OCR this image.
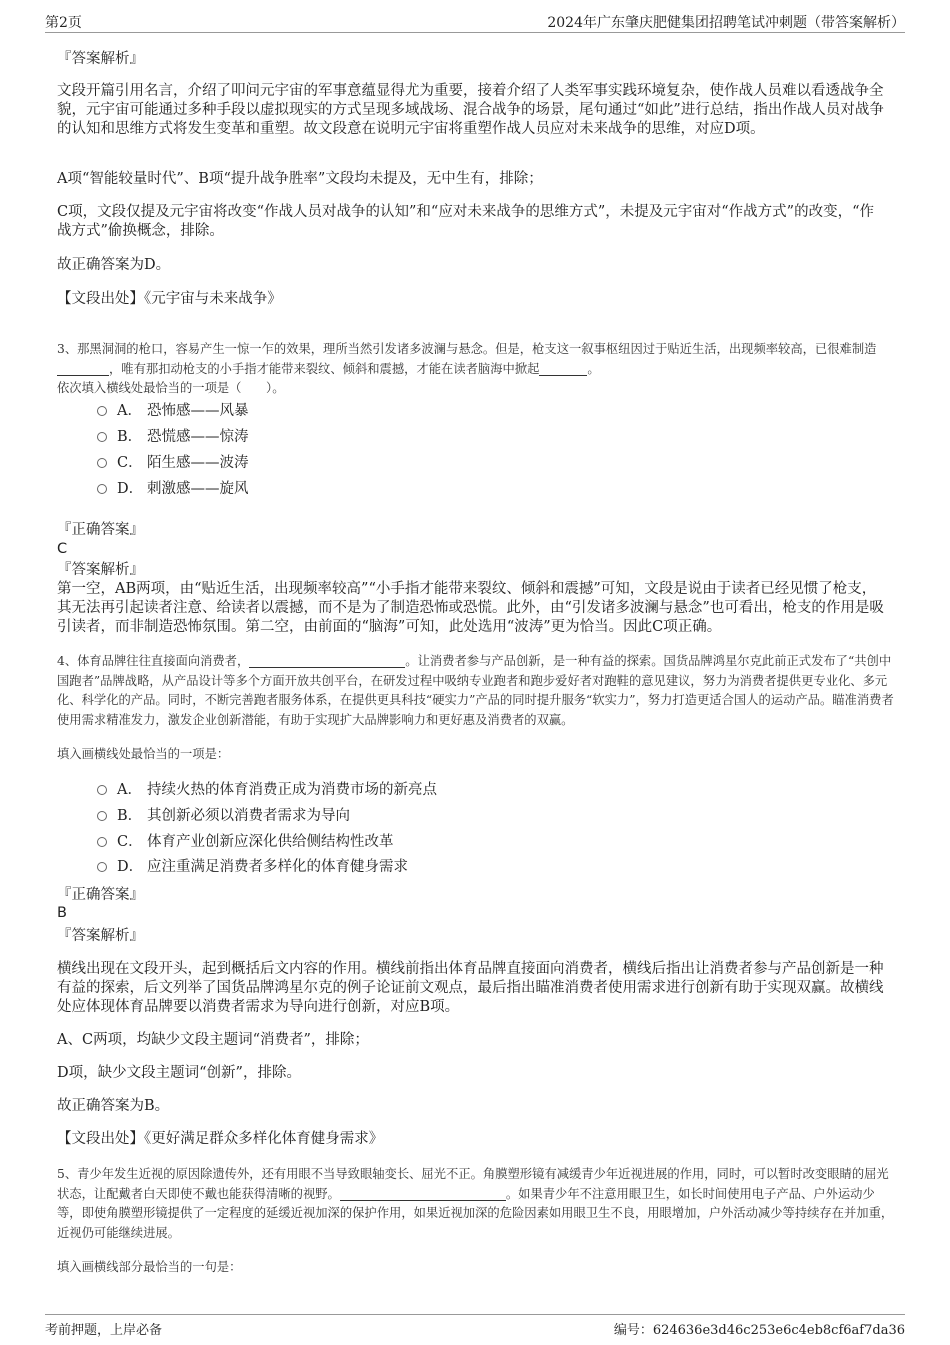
第2页	2024年广东肇庆肥健集团招聘笔试冲刺题（带答案解析）
『答案解析』
文段开篇引用名言，介绍了叩问元宇宙的军事意蕴显得尤为重要，接着介绍了人类军事实践环境复杂，使作战人员难以看透战争全貌，元宇宙可能通过多种手段以虚拟现实的方式呈现多域战场、混合战争的场景，尾句通过“如此”进行总结，指出作战人员对战争的认知和思维方式将发生变革和重塑。故文段意在说明元宇宙将重塑作战人员应对未来战争的思维，对应D项。
A项“智能较量时代”、B项“提升战争胜率”文段均未提及，无中生有，排除；
C项，文段仅提及元宇宙将改变“作战人员对战争的认知”和“应对未来战争的思维方式”，未提及元宇宙对“作战方式”的改变，“作战方式”偷换概念，排除。
故正确答案为D。
【文段出处】《元宇宙与未来战争》
3、那黑洞洞的枪口，容易产生一惊一乍的效果，理所当然引发诸多波澜与悬念。但是，枪支这一叙事枢纽因过于贴近生活，出现频率较高，已很难制造，唯有那扣动枪支的小手指才能带来裂纹、倾斜和震撼，才能在读者脑海中掀起	。
依次填入横线处最恰当的一项是（　　）。
A． 恐怖感——风暴
B． 恐慌感——惊涛
C． 陌生感——波涛
D． 刺激感——旋风
『正确答案』
C
『答案解析』
第一空，AB两项，由“贴近生活，出现频率较高”“小手指才能带来裂纹、倾斜和震撼”可知，文段是说由于读者已经见惯了枪支，其无法再引起读者注意、给读者以震撼，而不是为了制造恐怖或恐慌。此外，由“引发诸多波澜与悬念”也可看出，枪支的作用是吸引读者，而非制造恐怖氛围。第二空，由前面的“脑海”可知，此处选用“波涛”更为恰当。因此C项正确。
4、体育品牌往往直接面向消费者，	。让消费者参与产品创新，是一种有益的探索。国货品牌鸿星尔克此前正式发布了“共创中国跑者”品牌战略，从产品设计等多个方面开放共创平台，在研发过程中吸纳专业跑者和跑步爱好者对跑鞋的意见建议，努力为消费者提供更专业化、多元化、科学化的产品。同时，不断完善跑者服务体系，在提供更具科技“硬实力”产品的同时提升服务“软实力”，努力打造更适合国人的运动产品。瞄准消费者使用需求精准发力，激发企业创新潜能，有助于实现扩大品牌影响力和更好惠及消费者的双赢。
填入画横线处最恰当的一项是：
A． 持续火热的体育消费正成为消费市场的新亮点
B． 其创新必须以消费者需求为导向
C． 体育产业创新应深化供给侧结构性改革
D． 应注重满足消费者多样化的体育健身需求
『正确答案』
B
『答案解析』
横线出现在文段开头，起到概括后文内容的作用。横线前指出体育品牌直接面向消费者，横线后指出让消费者参与产品创新是一种有益的探索，后文列举了国货品牌鸿星尔克的例子论证前文观点，最后指出瞄准消费者使用需求进行创新有助于实现双赢。故横线处应体现体育品牌要以消费者需求为导向进行创新，对应B项。
A、C两项，均缺少文段主题词“消费者”，排除；
D项，缺少文段主题词“创新”，排除。
故正确答案为B。
【文段出处】《更好满足群众多样化体育健身需求》
5、青少年发生近视的原因除遗传外，还有用眼不当导致眼轴变长、屈光不正。角膜塑形镜有减缓青少年近视进展的作用，同时，可以暂时改变眼睛的屈光状态，让配戴者白天即使不戴也能获得清晰的视野。	。如果青少年不注意用眼卫生，如长时间使用电子产品、户外运动少等，即使角膜塑形镜提供了一定程度的延缓近视加深的保护作用，如果近视加深的危险因素如用眼卫生不良，用眼增加，户外活动减少等持续存在并加重，近视仍可能继续进展。
填入画横线部分最恰当的一句是：
考前押题，上岸必备	编号：624636e3d46c253e6c4eb8cf6af7da36
